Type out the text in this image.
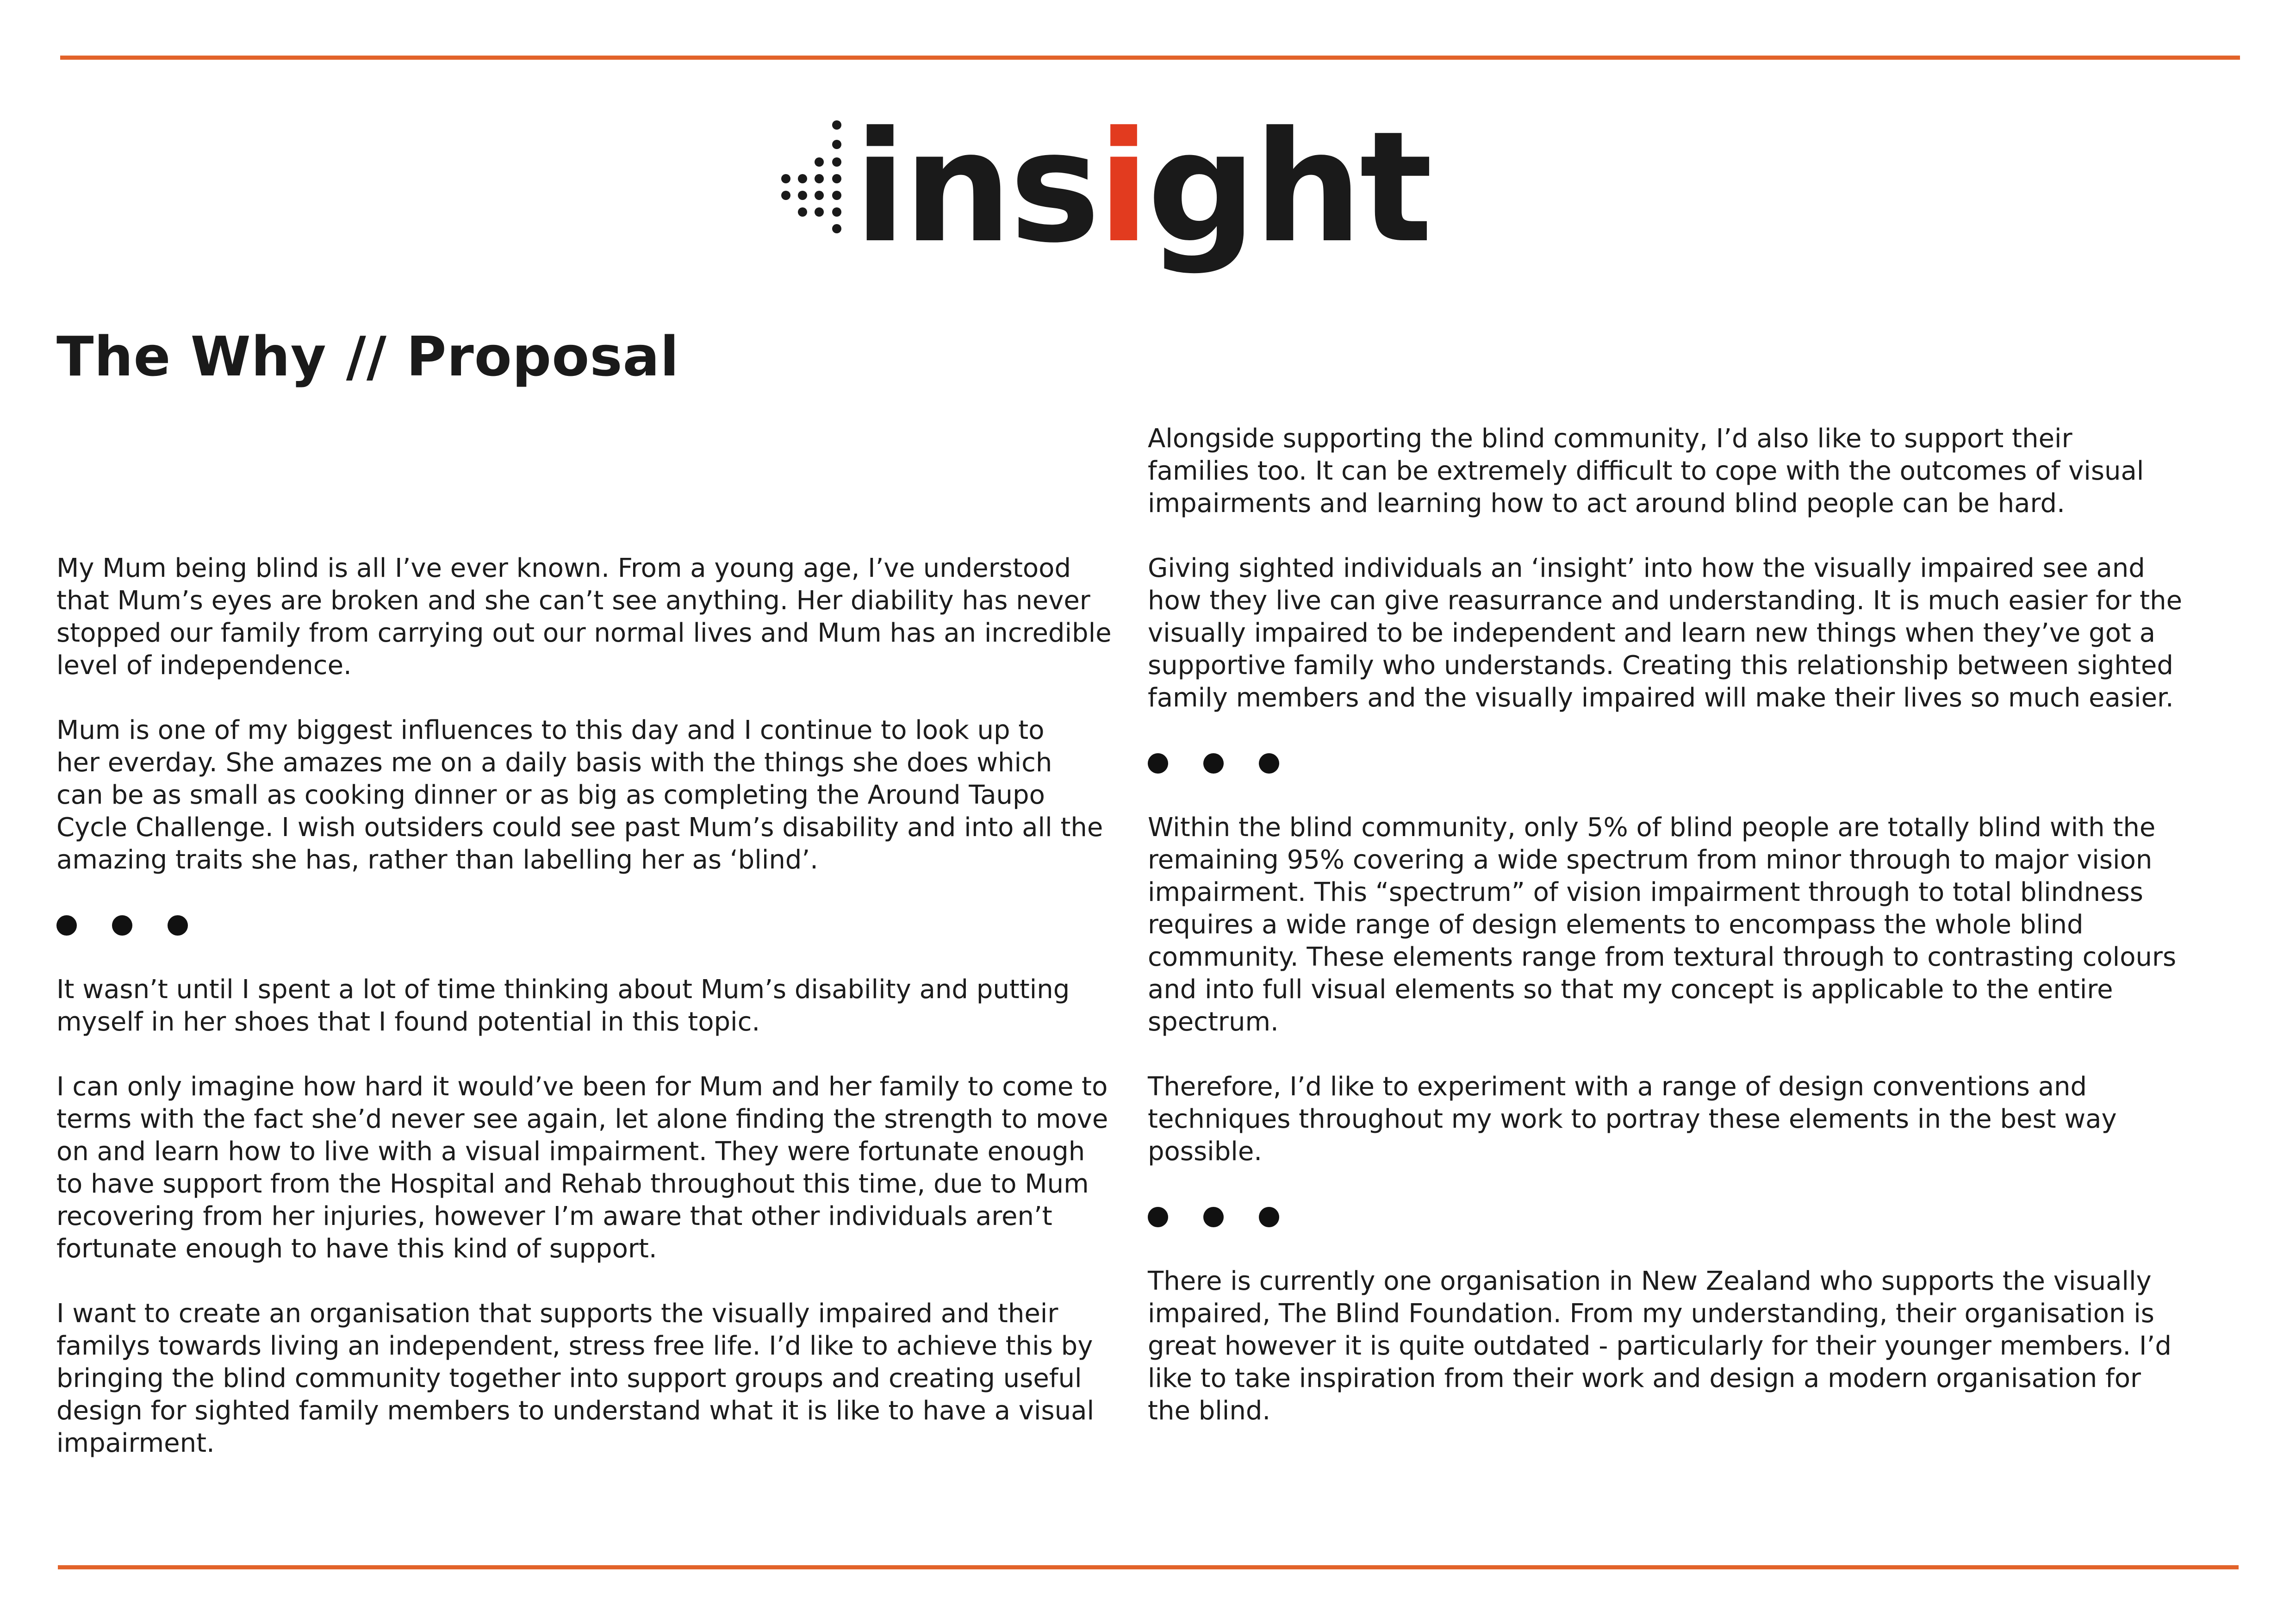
insight
The Why // Proposal

My Mum being blind is all I’ve ever known. From a young age, I’ve understood
that Mum’s eyes are broken and she can’t see anything. Her diability has never
stopped our family from carrying out our normal lives and Mum has an incredible
level of independence.

Mum is one of my biggest influences to this day and I continue to look up to
her everday. She amazes me on a daily basis with the things she does which
can be as small as cooking dinner or as big as completing the Around Taupo
Cycle Challenge. I wish outsiders could see past Mum’s disability and into all the
amazing traits she has, rather than labelling her as ‘blind’.

It wasn’t until I spent a lot of time thinking about Mum’s disability and putting
myself in her shoes that I found potential in this topic.

I can only imagine how hard it would’ve been for Mum and her family to come to
terms with the fact she’d never see again, let alone finding the strength to move
on and learn how to live with a visual impairment. They were fortunate enough
to have support from the Hospital and Rehab throughout this time, due to Mum
recovering from her injuries, however I’m aware that other individuals aren’t
fortunate enough to have this kind of support.

I want to create an organisation that supports the visually impaired and their
familys towards living an independent, stress free life. I’d like to achieve this by
bringing the blind community together into support groups and creating useful
design for sighted family members to understand what it is like to have a visual
impairment.

Alongside supporting the blind community, I’d also like to support their
families too. It can be extremely difficult to cope with the outcomes of visual
impairments and learning how to act around blind people can be hard.

Giving sighted individuals an ‘insight’ into how the visually impaired see and
how they live can give reasurrance and understanding. It is much easier for the
visually impaired to be independent and learn new things when they’ve got a
supportive family who understands. Creating this relationship between sighted
family members and the visually impaired will make their lives so much easier.

Within the blind community, only 5% of blind people are totally blind with the
remaining 95% covering a wide spectrum from minor through to major vision
impairment. This “spectrum” of vision impairment through to total blindness
requires a wide range of design elements to encompass the whole blind
community. These elements range from textural through to contrasting colours
and into full visual elements so that my concept is applicable to the entire
spectrum.

Therefore, I’d like to experiment with a range of design conventions and
techniques throughout my work to portray these elements in the best way
possible.

There is currently one organisation in New Zealand who supports the visually
impaired, The Blind Foundation. From my understanding, their organisation is
great however it is quite outdated - particularly for their younger members. I’d
like to take inspiration from their work and design a modern organisation for
the blind.
